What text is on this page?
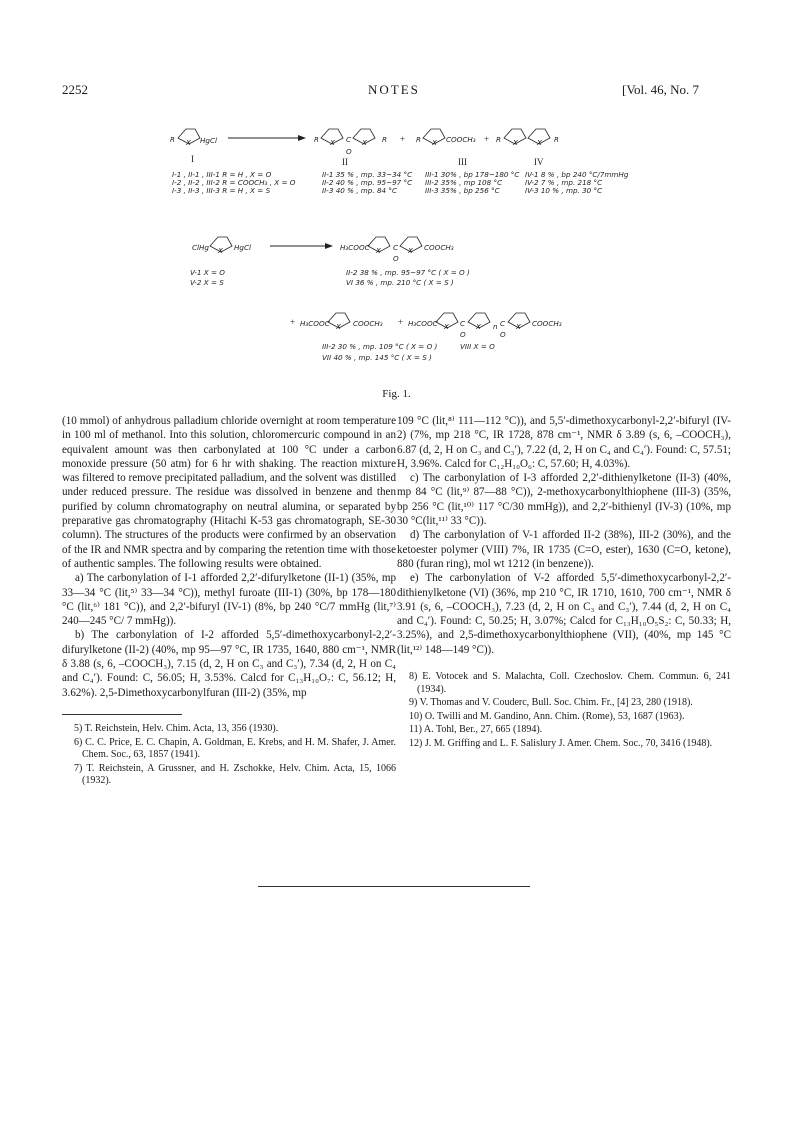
2252	NOTES	[Vol. 46, No. 7
R X HgCl
I
R X C
O
X R
II
+ R X COOCH₃
III
+ R X	X R
IV
I-1 , II-1 , III-1 R = H , X = O
I-2 , II-2 , III-2 R = COOCH₃ , X = O
I-3 , II-3 , III-3 R = H , X = S
II-1 35 % , mp. 33~34 °C
II-2 40 % , mp. 95~97 °C
II-3 40 % , mp. 84 °C
III-1 30% , bp 178~180 °C
III-2 35% , mp 108 °C
III-3 35% , bp 256 °C
IV-1 8 % , bp 240 °C/7mmHg
IV-2 7 % , mp. 218 °C
IV-3 10 % , mp. 30 °C
ClHg X HgCl	H₃COOC X C
O
X COOCH₃
V-1 X = O
V-2 X = S
II-2 38 % , mp. 95~97 °C ( X = O )
VI 36 % , mp. 210 °C ( X = S )
+ H₃COOC X COOCH₃ + H₃COOC X C
O
X n C
O
X COOCH₃
III-2 30 % , mp. 109 °C ( X = O )
VII 40 % , mp. 145 °C ( X = S )
VIII X = O
Fig. 1.

(10 mmol) of anhydrous palladium chloride overnight at room temperature in 100 ml of methanol. Into this solution, chloromercuric compound in an equivalent amount was then carbonylated at 100 °C under a carbon monoxide pressure (50 atm) for 6 hr with shaking. The reaction mixture was filtered to remove precipitated palladium, and the solvent was distilled under reduced pressure. The residue was dissolved in benzene and then purified by column chromatography on neutral alumina, or separated by preparative gas chromatography (Hitachi K-53 gas chromatograph, SE-30 column). The structures of the products were confirmed by an observation of the IR and NMR spectra and by comparing the retention time with those of authentic samples. The following results were obtained.

a) The carbonylation of I-1 afforded 2,2′-difurylketone (II-1) (35%, mp 33—34 °C (lit,⁵⁾ 33—34 °C)), methyl furoate (III-1) (30%, bp 178—180 °C (lit,⁶⁾ 181 °C)), and 2,2′-bifuryl (IV-1) (8%, bp 240 °C/7 mmHg (lit,⁷⁾ 240—245 °C/ 7 mmHg)).

b) The carbonylation of I-2 afforded 5,5′-dimethoxycarbonyl-2,2′-difurylketone (II-2) (40%, mp 95—97 °C, IR 1735, 1640, 880 cm⁻¹, NMR δ 3.88 (s, 6, –COOCH₃), 7.15 (d, 2, H on C₃ and C₃′), 7.34 (d, 2, H on C₄ and C₄′). Found: C, 56.05; H, 3.53%. Calcd for C₁₃H₁₀O₇: C, 56.12; H, 3.62%). 2,5-Dimethoxycarbonylfuran (III-2) (35%, mp

5) T. Reichstein, Helv. Chim. Acta, 13, 356 (1930).
6) C. C. Price, E. C. Chapin, A. Goldman, E. Krebs, and H. M. Shafer, J. Amer. Chem. Soc., 63, 1857 (1941).
7) T. Reichstein, A Grussner, and H. Zschokke, Helv. Chim. Acta, 15, 1066 (1932).

109 °C (lit,⁸⁾ 111—112 °C)), and 5,5′-dimethoxycarbonyl-2,2′-bifuryl (IV-2) (7%, mp 218 °C, IR 1728, 878 cm⁻¹, NMR δ 3.89 (s, 6, –COOCH₃), 6.87 (d, 2, H on C₃ and C₃′), 7.22 (d, 2, H on C₄ and C₄′). Found: C, 57.51; H, 3.96%. Calcd for C₁₂H₁₀O₆: C, 57.60; H, 4.03%).

c) The carbonylation of I-3 afforded 2,2′-dithienylketone (II-3) (40%, mp 84 °C (lit,⁹⁾ 87—88 °C)), 2-methoxycarbonylthiophene (III-3) (35%, bp 256 °C (lit,¹⁰⁾ 117 °C/30 mmHg)), and 2,2′-bithienyl (IV-3) (10%, mp 30 °C(lit,¹¹⁾ 33 °C)).

d) The carbonylation of V-1 afforded II-2 (38%), III-2 (30%), and the ketoester polymer (VIII) 7%, IR 1735 (C=O, ester), 1630 (C=O, ketone), 880 (furan ring), mol wt 1212 (in benzene)).

e) The carbonylation of V-2 afforded 5,5′-dimethoxycarbonyl-2,2′-dithienylketone (VI) (36%, mp 210 °C, IR 1710, 1610, 700 cm⁻¹, NMR δ 3.91 (s, 6, –COOCH₃), 7.23 (d, 2, H on C₃ and C₃′), 7.44 (d, 2, H on C₄ and C₄′). Found: C, 50.25; H, 3.07%; Calcd for C₁₃H₁₀O₅S₂: C, 50.33; H, 3.25%), and 2,5-dimethoxycarbonylthiophene (VII), (40%, mp 145 °C (lit,¹²⁾ 148—149 °C)).

8) E. Votocek and S. Malachta, Coll. Czechoslov. Chem. Commun. 6, 241 (1934).
9) V. Thomas and V. Couderc, Bull. Soc. Chim. Fr., [4] 23, 280 (1918).
10) O. Twilli and M. Gandino, Ann. Chim. (Rome), 53, 1687 (1963).
11) A. Tohl, Ber., 27, 665 (1894).
12) J. M. Griffing and L. F. Salislury J. Amer. Chem. Soc., 70, 3416 (1948).
